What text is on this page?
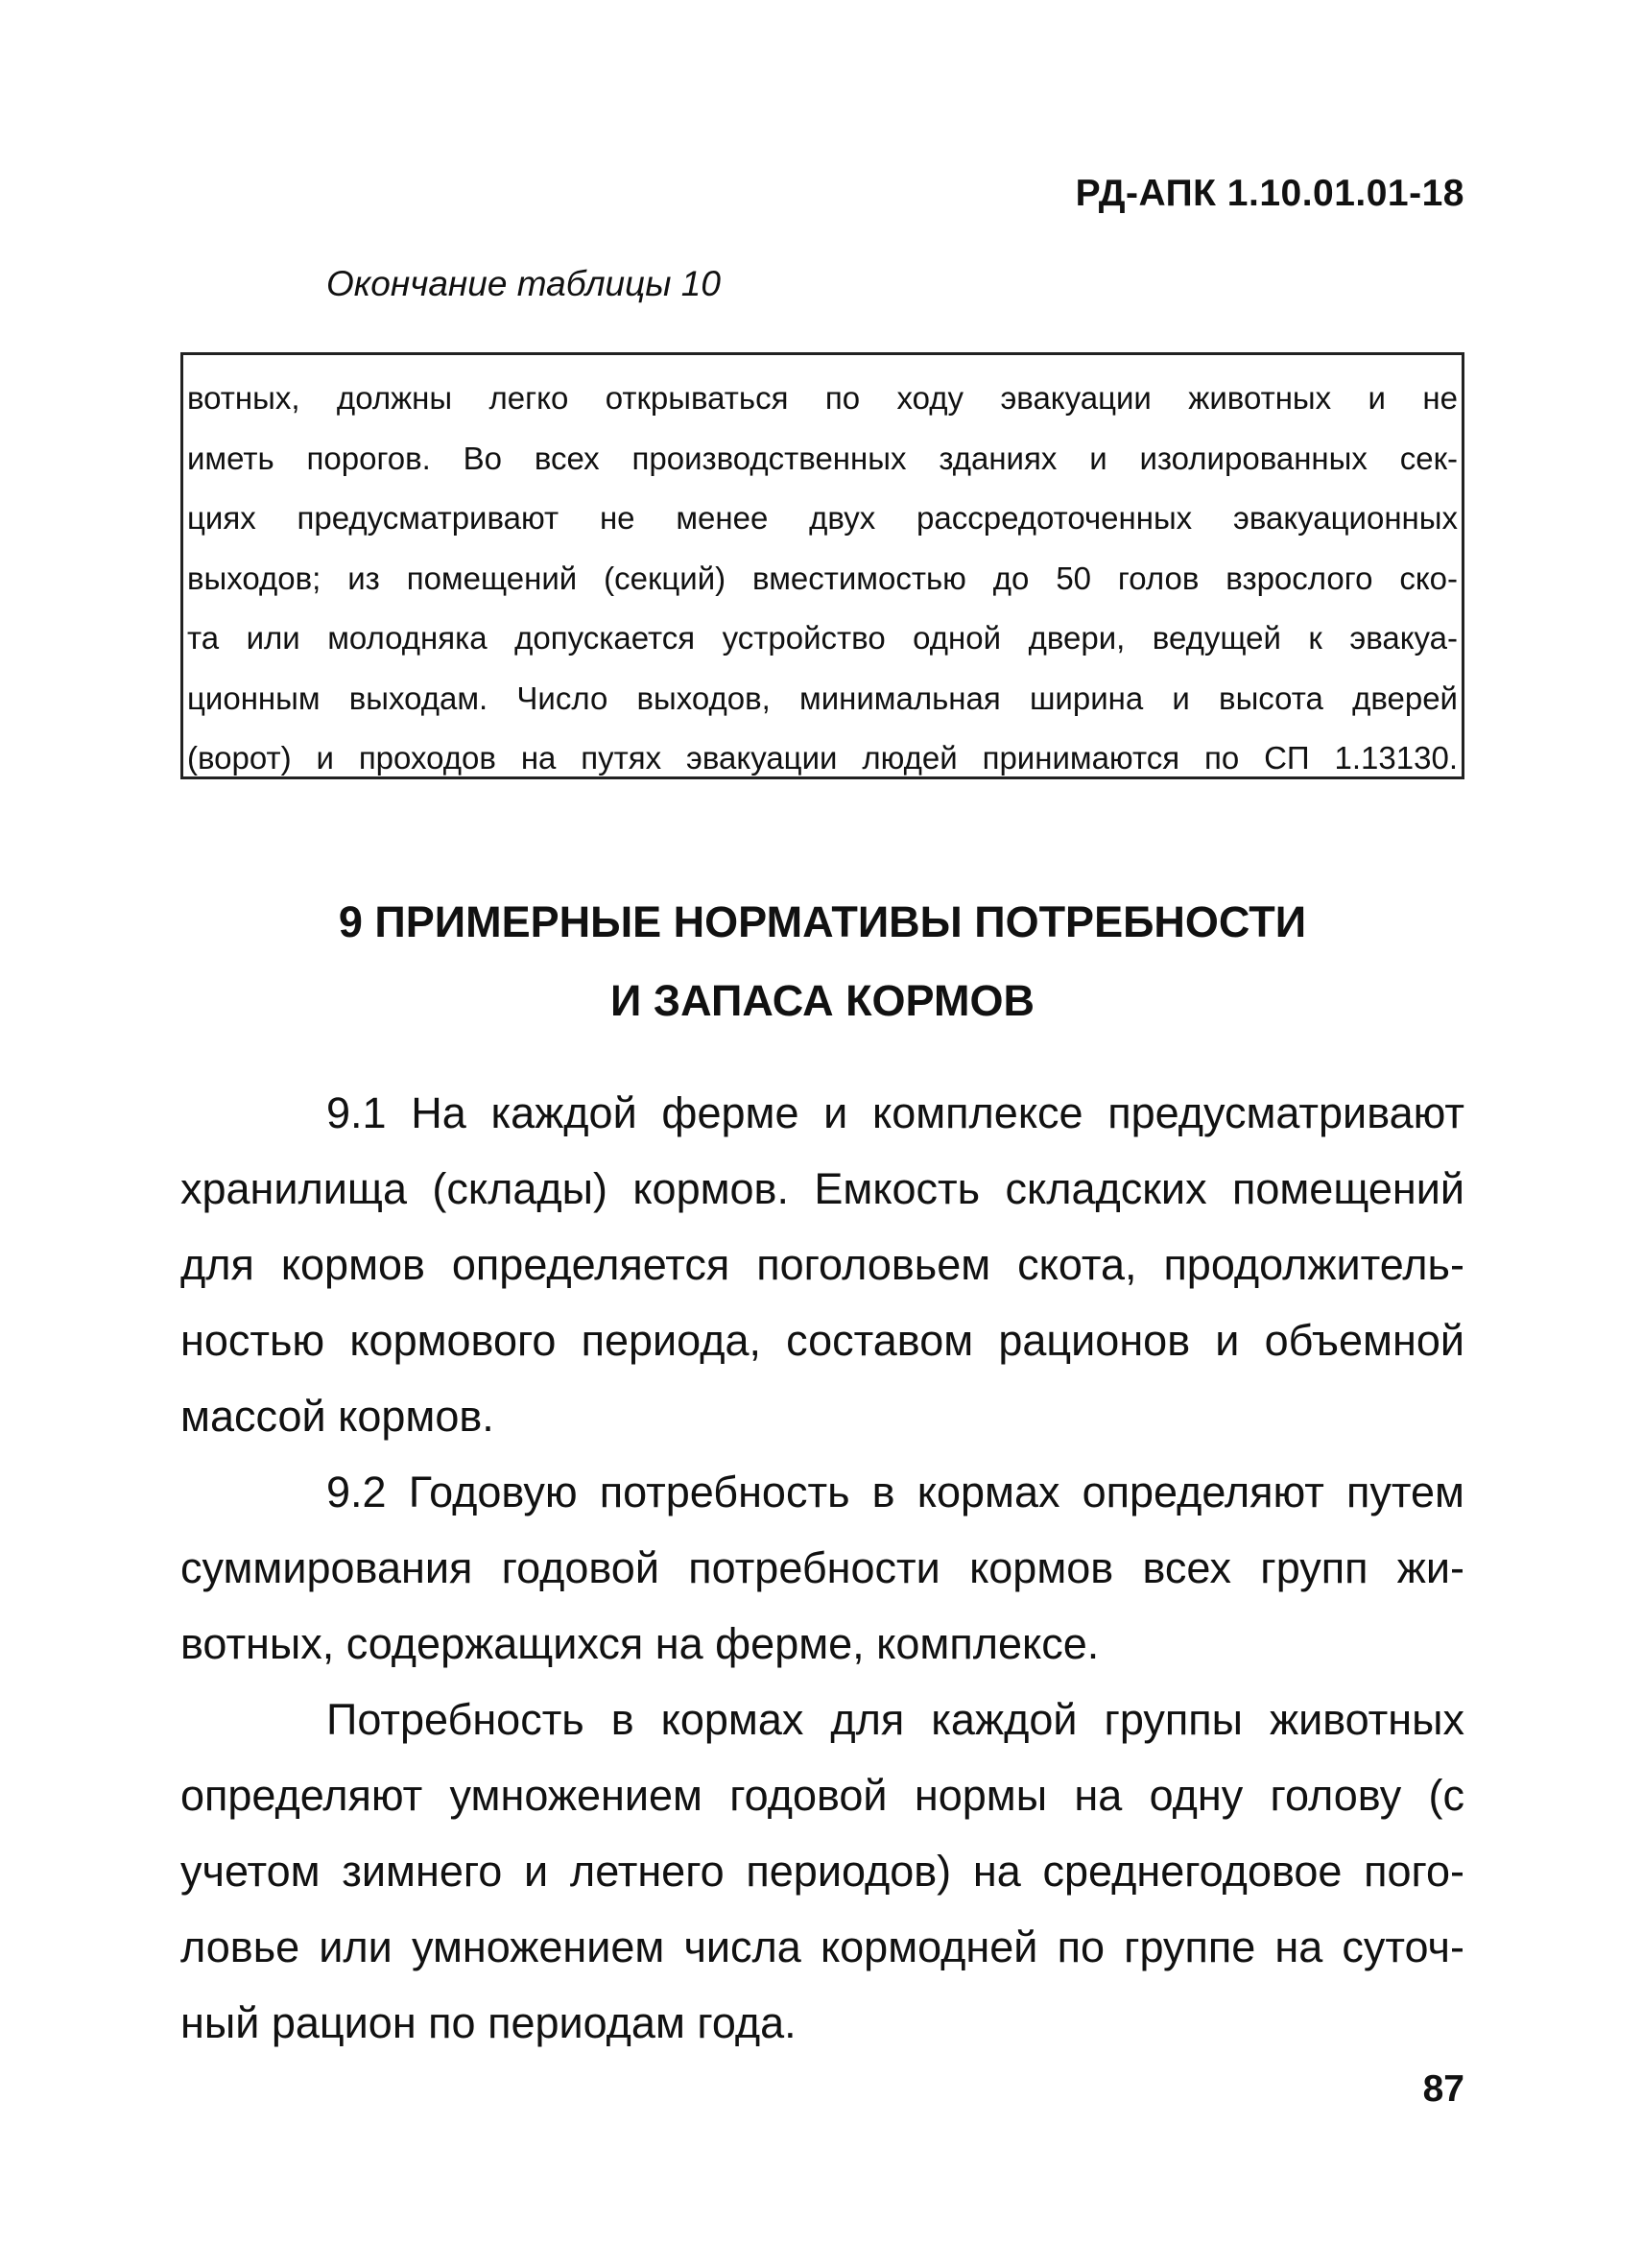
РД-АПК 1.10.01.01-18
Окончание таблицы 10
вотных, должны легко открываться по ходу эвакуации животных и не
иметь порогов. Во всех производственных зданиях и изолированных сек-
циях предусматривают не менее двух рассредоточенных эвакуационных
выходов; из помещений (секций) вместимостью до 50 голов взрослого ско-
та или молодняка допускается устройство одной двери, ведущей к эвакуа-
ционным выходам. Число выходов, минимальная ширина и высота дверей
(ворот) и проходов на путях эвакуации людей принимаются по СП 1.13130.
9 ПРИМЕРНЫЕ НОРМАТИВЫ ПОТРЕБНОСТИ
И ЗАПАСА КОРМОВ
9.1 На каждой ферме и комплексе предусматривают
хранилища (склады) кормов. Емкость складских помещений
для кормов определяется поголовьем скота, продолжитель-
ностью кормового периода, составом рационов и объемной
массой кормов.
9.2 Годовую потребность в кормах определяют путем
суммирования годовой потребности кормов всех групп жи-
вотных, содержащихся на ферме, комплексе.
Потребность в кормах для каждой группы животных
определяют умножением годовой нормы на одну голову (с
учетом зимнего и летнего периодов) на среднегодовое пого-
ловье или умножением числа кормодней по группе на суточ-
ный рацион по периодам года.
87
